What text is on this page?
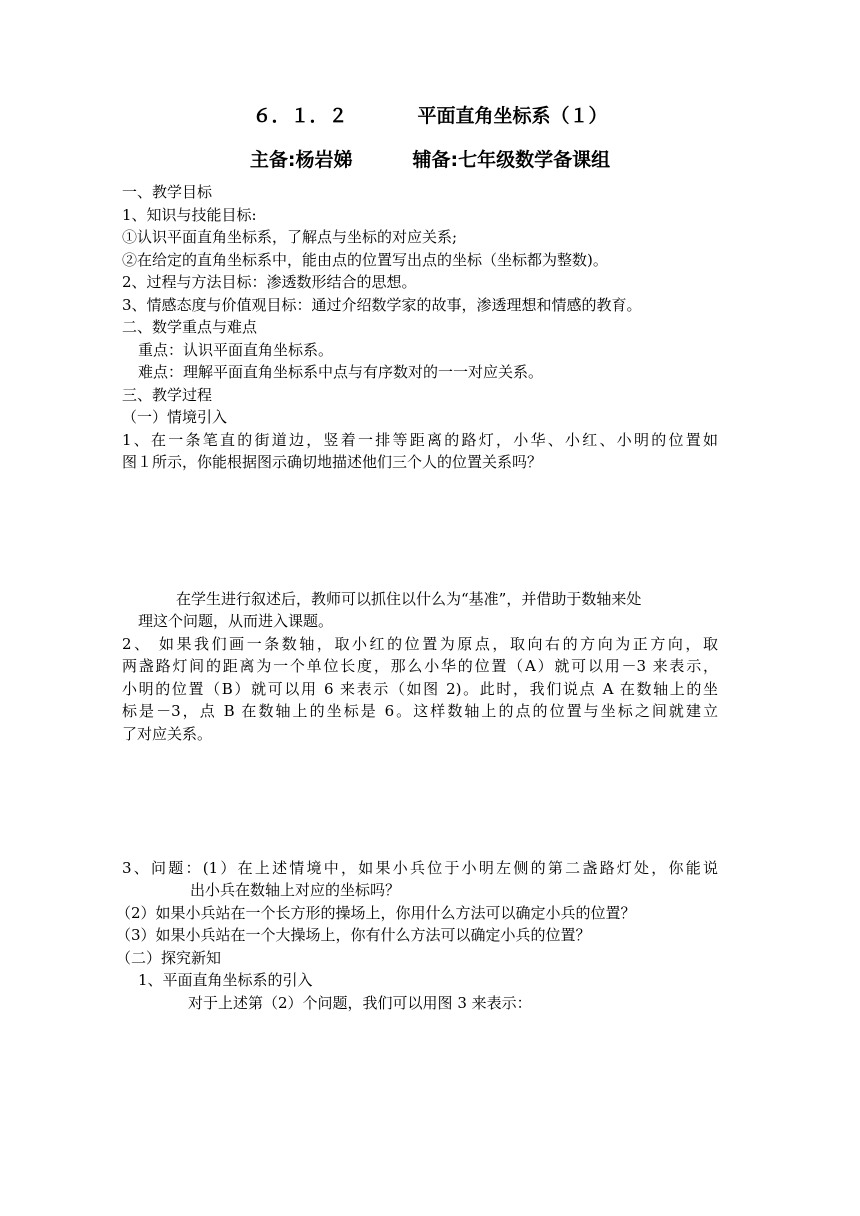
６．１．２	平面直角坐标系（１）
主备:杨岩娣	辅备:七年级数学备课组
一、教学目标
1、知识与技能目标:
①认识平面直角坐标系，了解点与坐标的对应关系;
②在给定的直角坐标系中，能由点的位置写出点的坐标（坐标都为整数)。
2、过程与方法目标：渗透数形结合的思想。
3、情感态度与价值观目标：通过介绍数学家的故事，渗透理想和情感的教育。
二、数学重点与难点
重点：认识平面直角坐标系。
难点：理解平面直角坐标系中点与有序数对的一一对应关系。
三、教学过程
（一）情境引入
1、在一条笔直的街道边，竖着一排等距离的路灯，小华、小红、小明的位置如
图１所示，你能根据图示确切地描述他们三个人的位置关系吗？
在学生进行叙述后，教师可以抓住以什么为“基准”，并借助于数轴来处
理这个问题，从而进入课题。
2、 如果我们画一条数轴，取小红的位置为原点，取向右的方向为正方向，取
两盏路灯间的距离为一个单位长度，那么小华的位置（A）就可以用－3 来表示，
小明的位置（B）就可以用 6 来表示（如图 2)。此时，我们说点 A 在数轴上的坐
标是－3，点 B 在数轴上的坐标是 6。这样数轴上的点的位置与坐标之间就建立
了对应关系。
3、问题：(1）在上述情境中，如果小兵位于小明左侧的第二盏路灯处，你能说
出小兵在数轴上对应的坐标吗？
（2）如果小兵站在一个长方形的操场上，你用什么方法可以确定小兵的位置？
（3）如果小兵站在一个大操场上，你有什么方法可以确定小兵的位置？
（二）探究新知
1、平面直角坐标系的引入
对于上述第（2）个问题，我们可以用图 3 来表示：
